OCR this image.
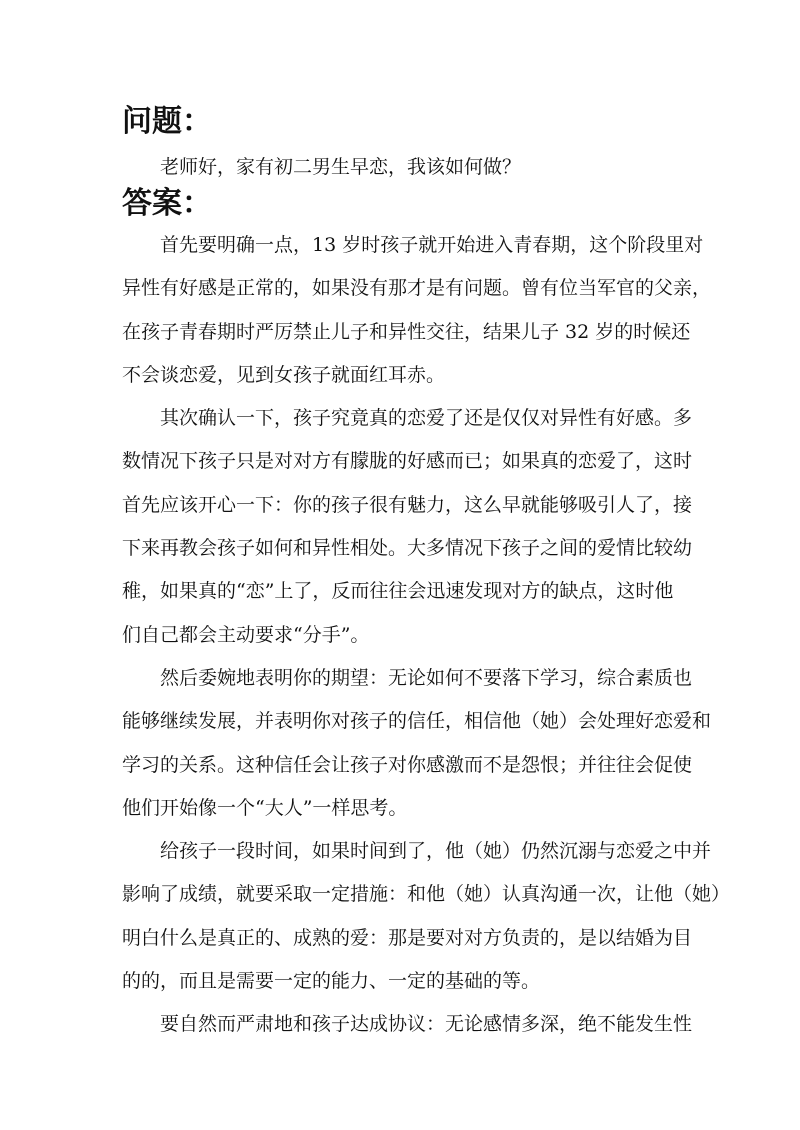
问题：

老师好，家有初二男生早恋，我该如何做？

答案：

首先要明确一点，13 岁时孩子就开始进入青春期，这个阶段里对
异性有好感是正常的，如果没有那才是有问题。曾有位当军官的父亲，
在孩子青春期时严厉禁止儿子和异性交往，结果儿子 32 岁的时候还
不会谈恋爱，见到女孩子就面红耳赤。

其次确认一下，孩子究竟真的恋爱了还是仅仅对异性有好感。多
数情况下孩子只是对对方有朦胧的好感而已；如果真的恋爱了，这时
首先应该开心一下：你的孩子很有魅力，这么早就能够吸引人了，接
下来再教会孩子如何和异性相处。大多情况下孩子之间的爱情比较幼
稚，如果真的“恋”上了，反而往往会迅速发现对方的缺点，这时他
们自己都会主动要求“分手”。

然后委婉地表明你的期望：无论如何不要落下学习，综合素质也
能够继续发展，并表明你对孩子的信任，相信他（她）会处理好恋爱和
学习的关系。这种信任会让孩子对你感激而不是怨恨；并往往会促使
他们开始像一个“大人”一样思考。

给孩子一段时间，如果时间到了，他（她）仍然沉溺与恋爱之中并
影响了成绩，就要采取一定措施：和他（她）认真沟通一次，让他（她）
明白什么是真正的、成熟的爱：那是要对对方负责的，是以结婚为目
的的，而且是需要一定的能力、一定的基础的等。

要自然而严肃地和孩子达成协议：无论感情多深，绝不能发生性
